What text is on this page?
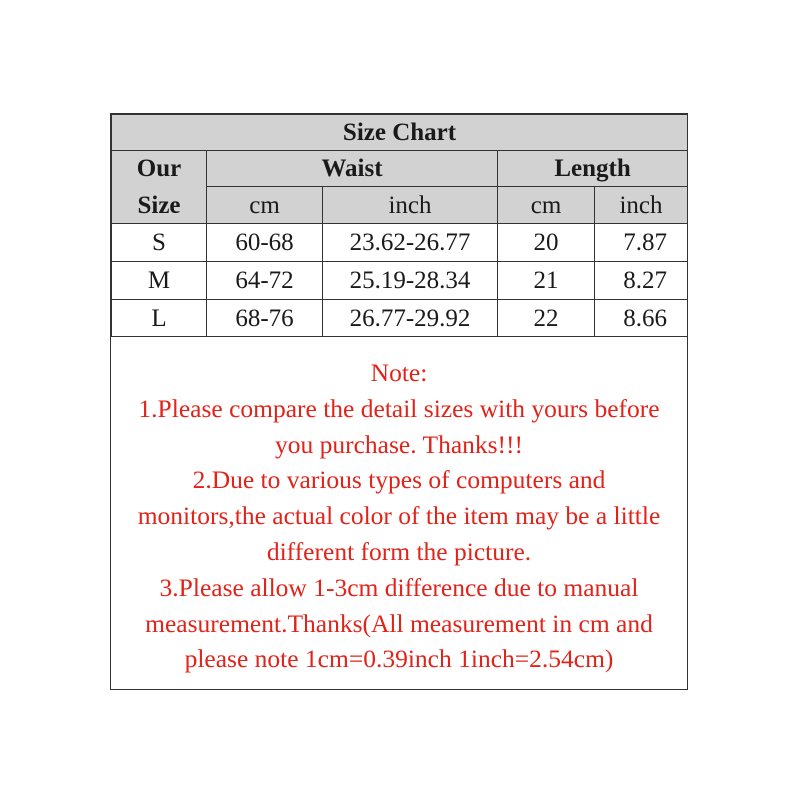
Size Chart				

Our
Size	Waist		Length	
	cm	inch	cm	inch
S	60-68	23.62-26.77	20	7.87
M	64-72	25.19-28.34	21	8.27
L	68-76	26.77-29.92	22	8.66

Note:

1.Please compare the detail sizes with yours before

you purchase. Thanks!!!

2.Due to various types of computers and

monitors,the actual color of the item may be a little

different form the picture.

3.Please allow 1-3cm difference due to manual

measurement.Thanks(All measurement in cm and

please note 1cm=0.39inch 1inch=2.54cm)
